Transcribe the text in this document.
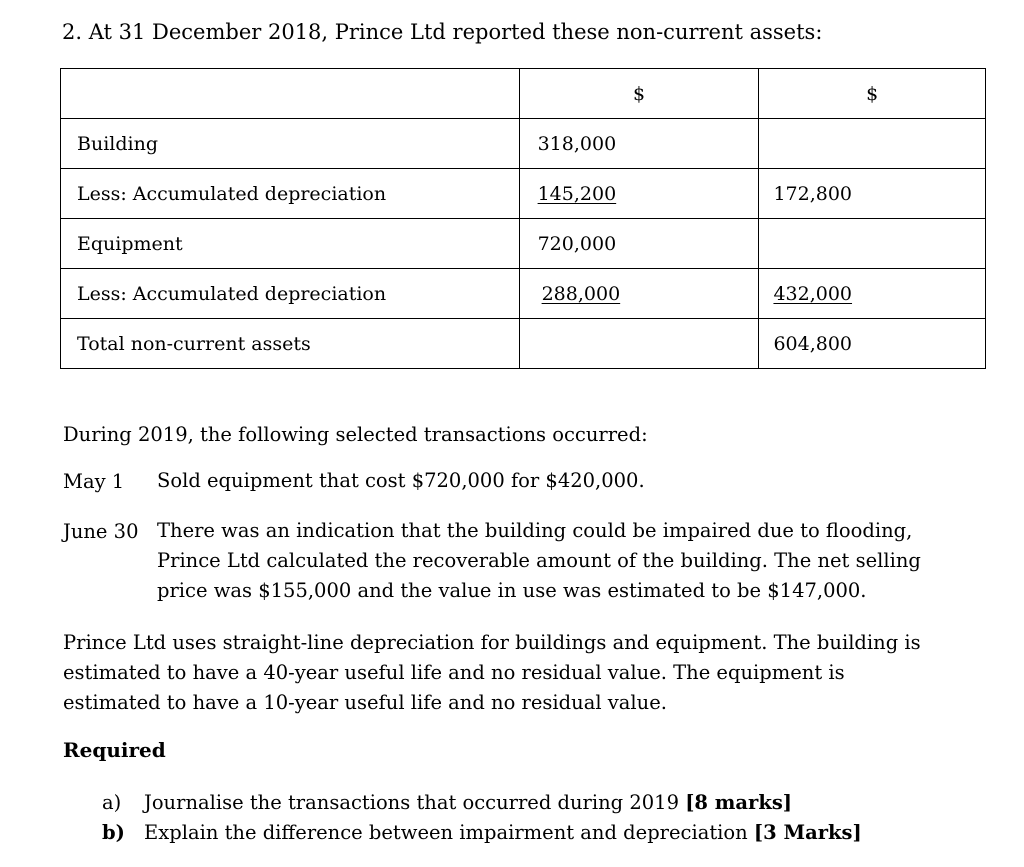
2. At 31 December 2018, Prince Ltd reported these non-current assets:
	$	$
Building	318,000	
Less: Accumulated depreciation	145,200	172,800
Equipment	720,000	
Less: Accumulated depreciation	288,000	432,000
Total non-current assets		604,800
During 2019, the following selected transactions occurred:
May 1 Sold equipment that cost $720,000 for $420,000.
June 30 There was an indication that the building could be impaired due to flooding,
Prince Ltd calculated the recoverable amount of the building. The net selling
price was $155,000 and the value in use was estimated to be $147,000.
Prince Ltd uses straight-line depreciation for buildings and equipment. The building is
estimated to have a 40-year useful life and no residual value. The equipment is
estimated to have a 10-year useful life and no residual value.
Required
a) Journalise the transactions that occurred during 2019 [8 marks]
b) Explain the difference between impairment and depreciation [3 Marks]
